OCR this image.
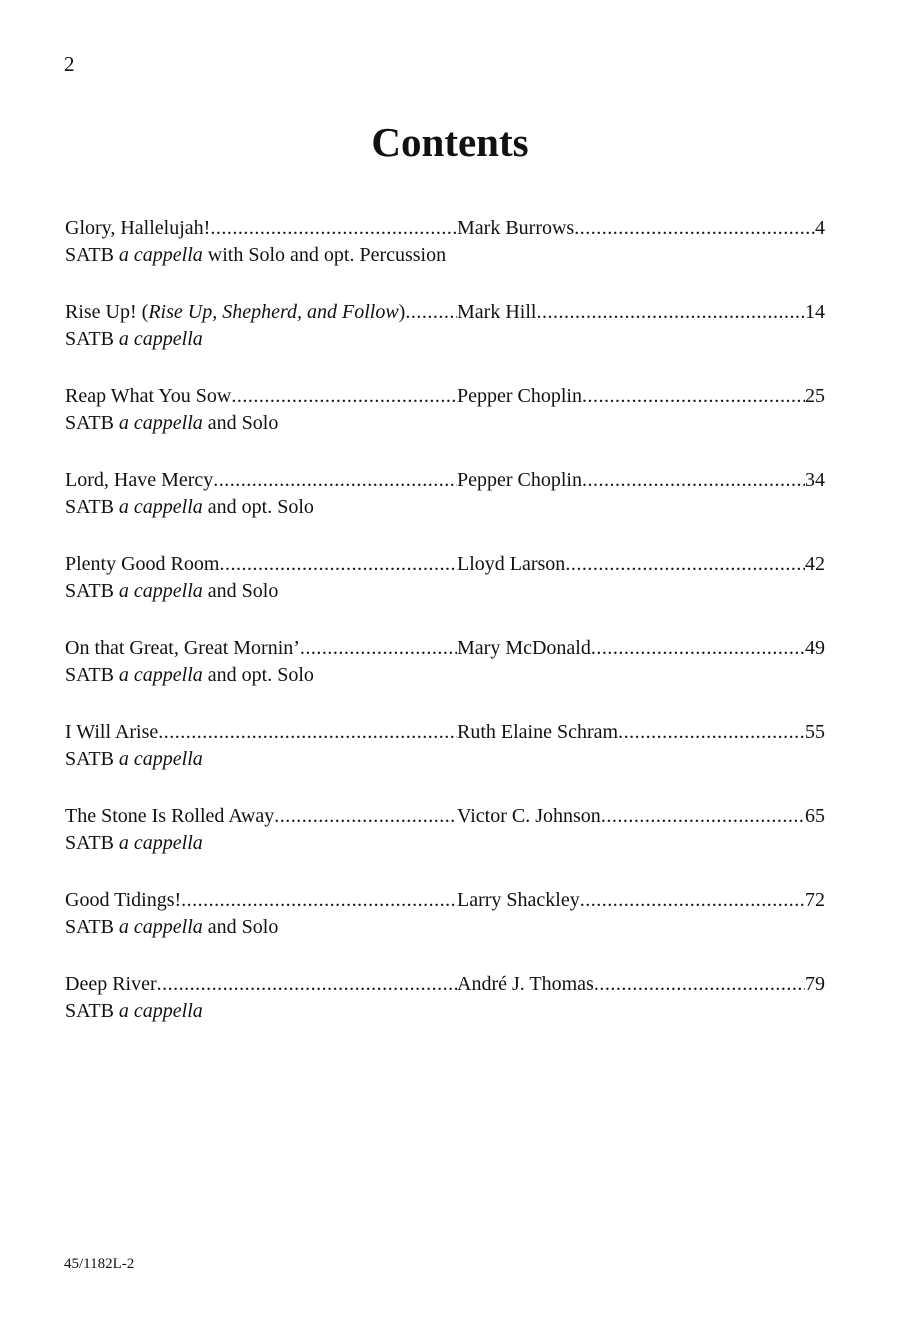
2
Contents
Glory, Hallelujah! .....	Mark Burrows .....	4
SATB a cappella with Solo and opt. Percussion
Rise Up! (Rise Up, Shepherd, and Follow) .....	Mark Hill .....	14
SATB a cappella
Reap What You Sow .....	Pepper Choplin .....	25
SATB a cappella and Solo
Lord, Have Mercy .....	Pepper Choplin .....	34
SATB a cappella and opt. Solo
Plenty Good Room .....	Lloyd Larson .....	42
SATB a cappella and Solo
On that Great, Great Mornin’ .....	Mary McDonald .....	49
SATB a cappella and opt. Solo
I Will Arise .....	Ruth Elaine Schram .....	55
SATB a cappella
The Stone Is Rolled Away .....	Victor C. Johnson .....	65
SATB a cappella
Good Tidings! .....	Larry Shackley .....	72
SATB a cappella and Solo
Deep River .....	André J. Thomas .....	79
SATB a cappella
45/1182L-2
